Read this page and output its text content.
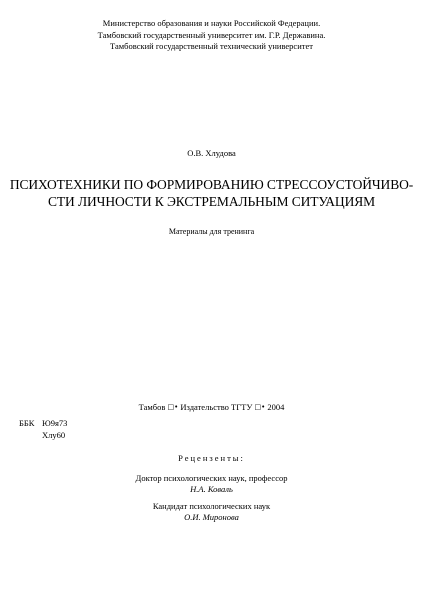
Министерство образования и науки Российской Федерации.
Тамбовский государственный университет им. Г.Р. Державина.
Тамбовский государственный технический университет
О.В. Хлудова
ПСИХОТЕХНИКИ ПО ФОРМИРОВАНИЮ СТРЕССОУСТОЙЧИВО-
СТИ ЛИЧНОСТИ К ЭКСТРЕМАЛЬНЫМ СИТУАЦИЯМ
Материалы для тренинга
Тамбов □• Издательство ТГТУ □• 2004
ББК Ю9я73
Хлу60
Рецензенты:
Доктор психологических наук, профессор
Н.А. Коваль
Кандидат психологических наук
О.И. Миронова
